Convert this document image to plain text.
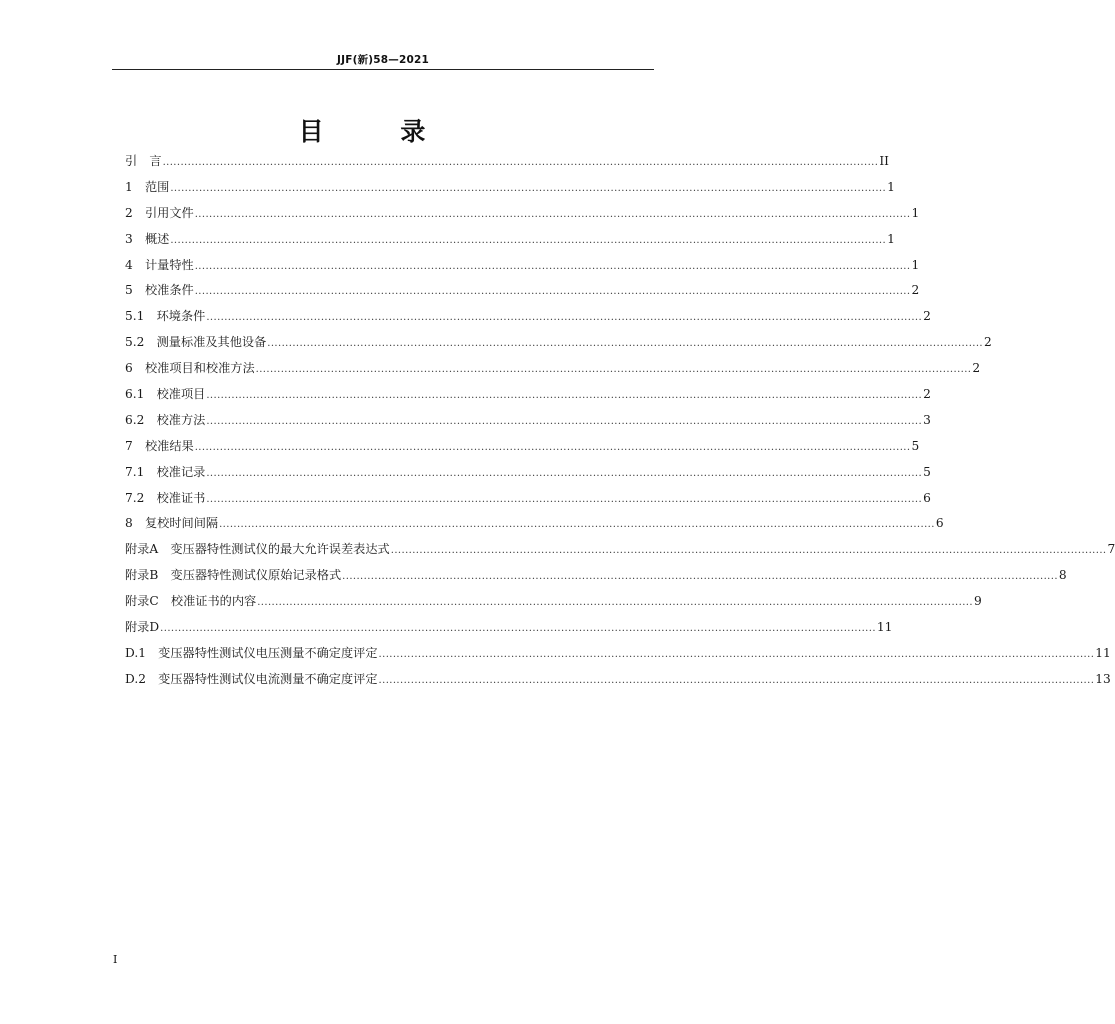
JJF(新)58—2021
目 录
引　言 ........................................................................................................................................................................................................ II
1　范围 ........................................................................................................................................................................................................ 1
2　引用文件 ........................................................................................................................................................................................................ 1
3　概述 ........................................................................................................................................................................................................ 1
4　计量特性 ........................................................................................................................................................................................................ 1
5　校准条件 ........................................................................................................................................................................................................ 2
5.1　环境条件 ........................................................................................................................................................................................................ 2
5.2　测量标准及其他设备 ........................................................................................................................................................................................................ 2
6　校准项目和校准方法 ........................................................................................................................................................................................................ 2
6.1　校准项目 ........................................................................................................................................................................................................ 2
6.2　校准方法 ........................................................................................................................................................................................................ 3
7　校准结果 ........................................................................................................................................................................................................ 5
7.1　校准记录 ........................................................................................................................................................................................................ 5
7.2　校准证书 ........................................................................................................................................................................................................ 6
8　复校时间间隔 ........................................................................................................................................................................................................ 6
附录A　变压器特性测试仪的最大允许误差表达式 ........................................................................................................................................................................................................ 7
附录B　变压器特性测试仪原始记录格式 ........................................................................................................................................................................................................ 8
附录C　校准证书的内容 ........................................................................................................................................................................................................ 9
附录D ........................................................................................................................................................................................................ 11
D.1　变压器特性测试仪电压测量不确定度评定 ........................................................................................................................................................................................................ 11
D.2　变压器特性测试仪电流测量不确定度评定 ........................................................................................................................................................................................................ 13
I
